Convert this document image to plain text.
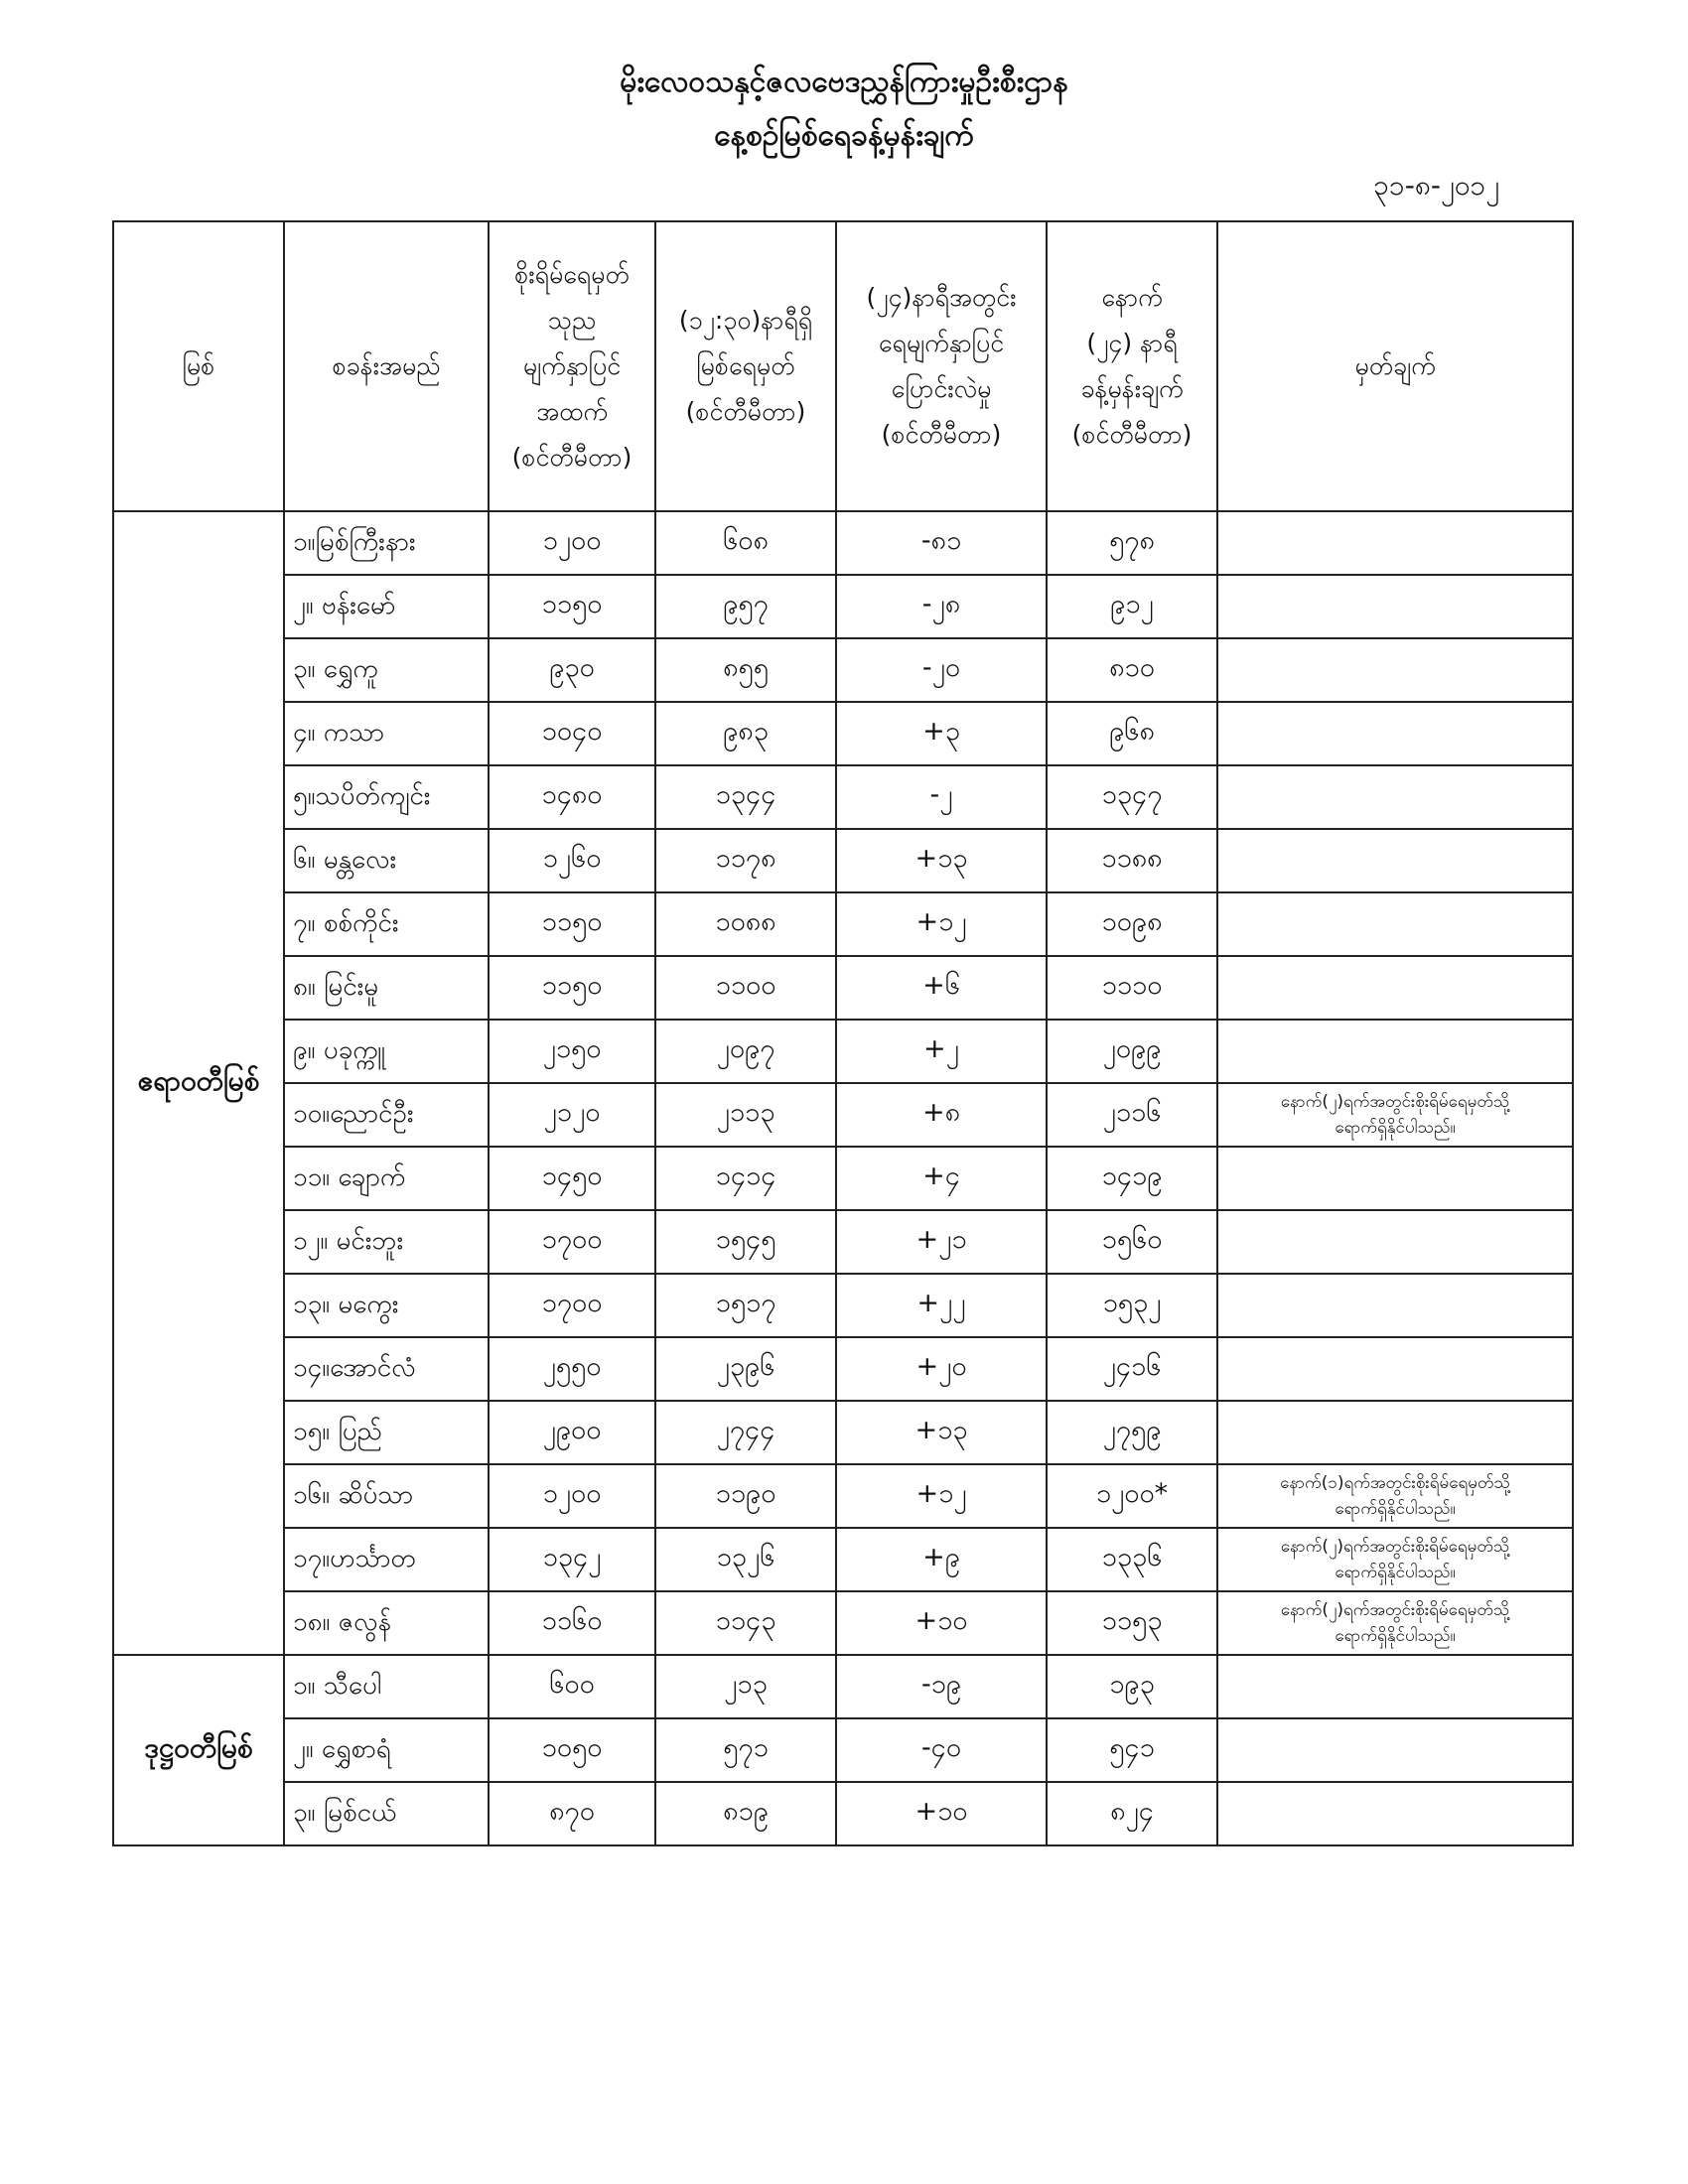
မိုးလေဝသနှင့်ဇလဗေဒညွှန်ကြားမှုဦးစီးဌာန
နေ့စဉ်မြစ်ရေခန့်မှန်းချက်
၃၁-၈-၂၀၁၂
မြစ်	စခန်းအမည်	စိုးရိမ်ရေမှတ်
သုည
မျက်နှာပြင်
အထက်
(စင်တီမီတာ)	(၁၂:၃၀)နာရီရှိ
မြစ်ရေမှတ်
(စင်တီမီတာ)	(၂၄)နာရီအတွင်း
ရေမျက်နှာပြင်
ပြောင်းလဲမှု
(စင်တီမီတာ)	နောက်
(၂၄) နာရီ
ခန့်မှန်းချက်
(စင်တီမီတာ)	မှတ်ချက်
ဧရာဝတီမြစ်	၁။မြစ်ကြီးနား	၁၂၀၀	၆၀၈	-၈၁	၅၇၈	
	၂။ ဗန်းမော်	၁၁၅၀	၉၅၇	-၂၈	၉၁၂	
	၃။ ရွှေကူ	၉၃၀	၈၅၅	-၂၀	၈၁၀	
	၄။ ကသာ	၁၀၄၀	၉၈၃	+၃	၉၆၈	
	၅။သပိတ်ကျင်း	၁၄၈၀	၁၃၄၄	-၂	၁၃၄၇	
	၆။ မန္တလေး	၁၂၆၀	၁၁၇၈	+၁၃	၁၁၈၈	
	၇။ စစ်ကိုင်း	၁၁၅၀	၁၀၈၈	+၁၂	၁၀၉၈	
	၈။ မြင်းမူ	၁၁၅၀	၁၁၀၀	+၆	၁၁၁၀	
	၉။ ပခုက္ကူ	၂၁၅၀	၂၀၉၇	+၂	၂၀၉၉	
	၁၀။ညောင်ဦး	၂၁၂၀	၂၁၁၃	+၈	၂၁၁၆	နောက်(၂)ရက်အတွင်းစိုးရိမ်ရေမှတ်သို့
ရောက်ရှိနိုင်ပါသည်။

	၁၁။ ချောက်	၁၄၅၀	၁၄၁၄	+၄	၁၄၁၉	
	၁၂။ မင်းဘူး	၁၇၀၀	၁၅၄၅	+၂၁	၁၅၆၀	
	၁၃။ မကွေး	၁၇၀၀	၁၅၁၇	+၂၂	၁၅၃၂	
	၁၄။အောင်လံ	၂၅၅၀	၂၃၉၆	+၂၀	၂၄၁၆	
	၁၅။ ပြည်	၂၉၀၀	၂၇၄၄	+၁၃	၂၇၅၉	
	၁၆။ ဆိပ်သာ	၁၂၀၀	၁၁၉၀	+၁၂	၁၂၀၀*	နောက်(၁)ရက်အတွင်းစိုးရိမ်ရေမှတ်သို့
ရောက်ရှိနိုင်ပါသည်။

	၁၇။ဟင်္သာတ	၁၃၄၂	၁၃၂၆	+၉	၁၃၃၆	နောက်(၂)ရက်အတွင်းစိုးရိမ်ရေမှတ်သို့
ရောက်ရှိနိုင်ပါသည်။

	၁၈။ ဇလွန်	၁၁၆၀	၁၁၄၃	+၁၀	၁၁၅၃	နောက်(၂)ရက်အတွင်းစိုးရိမ်ရေမှတ်သို့
ရောက်ရှိနိုင်ပါသည်။

ဒုဋ္ဌဝတီမြစ်	၁။ သီပေါ	၆၀၀	၂၁၃	-၁၉	၁၉၃	
	၂။ ရွှေစာရံ	၁၀၅၀	၅၇၁	-၄၀	၅၄၁	
	၃။ မြစ်ငယ်	၈၇၀	၈၁၉	+၁၀	၈၂၄	
